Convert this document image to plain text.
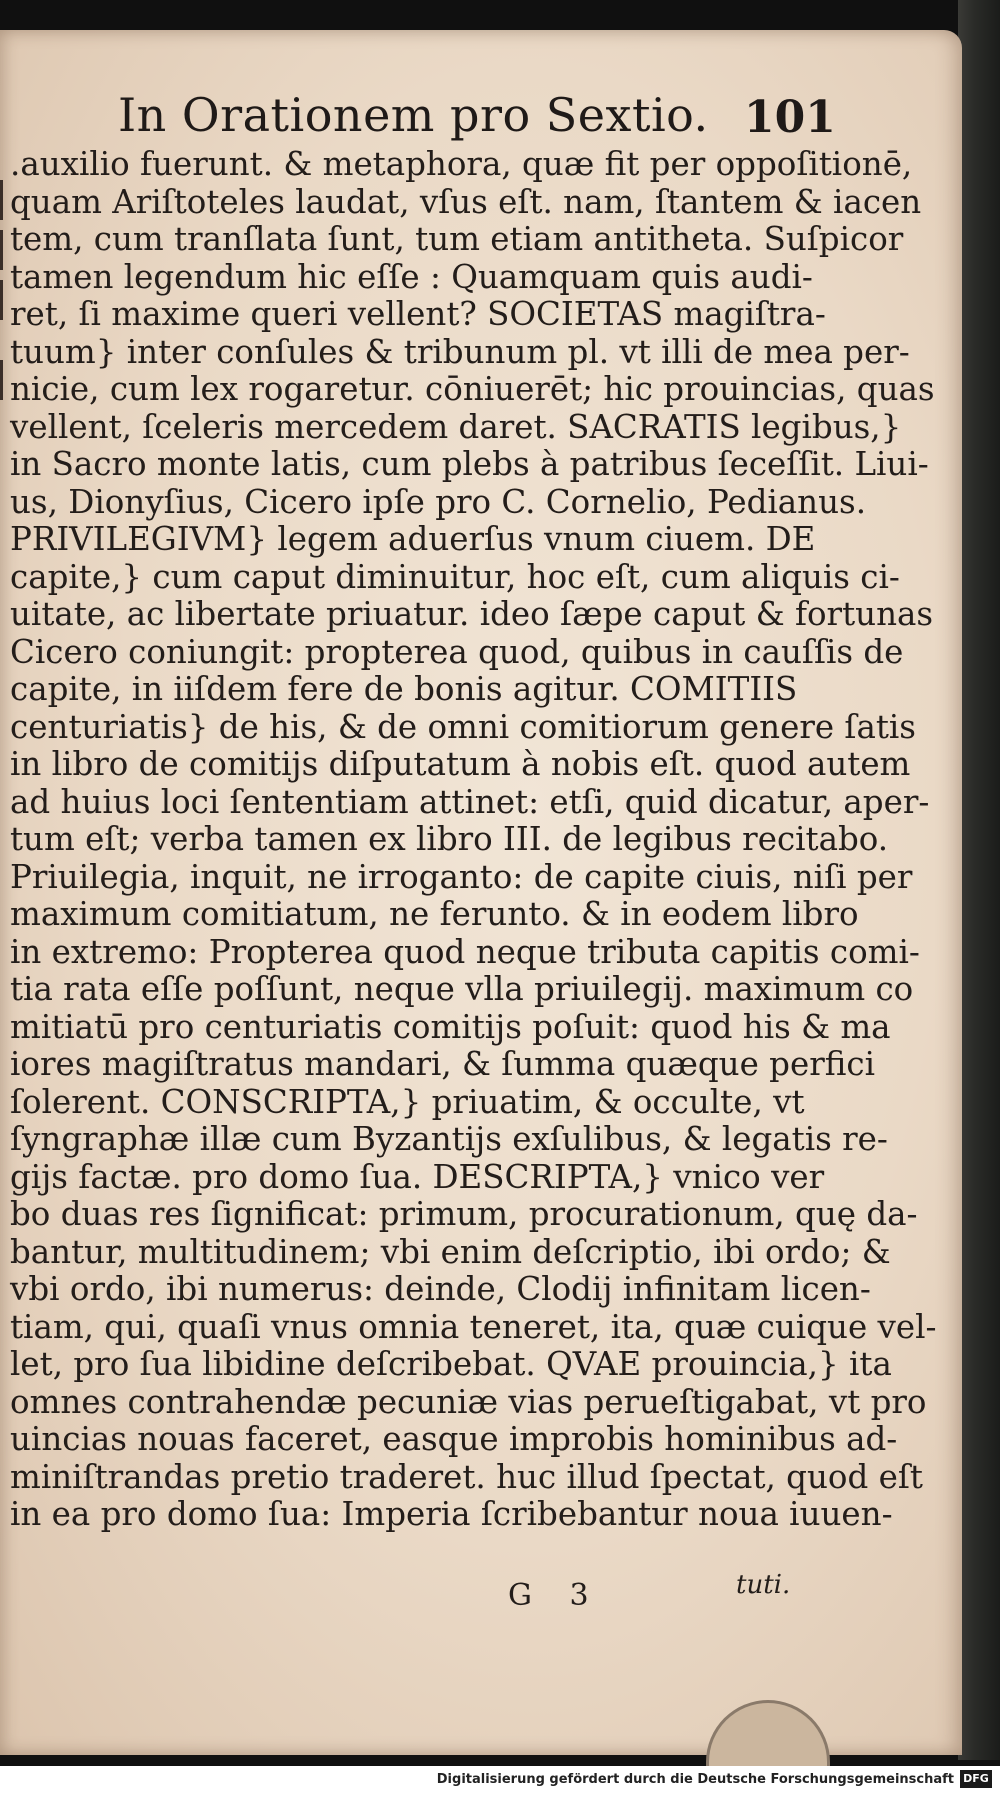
In Orationem pro Sextio. 101
.auxilio fuerunt. & metaphora, quæ fit per oppoſitionē,
quam Ariſtoteles laudat, vſus eſt. nam, ſtantem & iacen
tem, cum tranſlata ſunt, tum etiam antitheta. Suſpicor
tamen legendum hic eſſe : Quamquam quis audi-
ret, ſi maxime queri vellent? SOCIETAS magiſtra-
tuum} inter conſules & tribunum pl. vt illi de mea per-
nicie, cum lex rogaretur. cōniuerēt; hic prouincias, quas
vellent, ſceleris mercedem daret. SACRATIS legibus,}
in Sacro monte latis, cum plebs à patribus ſeceſſit. Liui-
us, Dionyſius, Cicero ipſe pro C. Cornelio, Pedianus.
PRIVILEGIVM} legem aduerſus vnum ciuem. DE
capite,} cum caput diminuitur, hoc eſt, cum aliquis ci-
uitate, ac libertate priuatur. ideo ſæpe caput & fortunas
Cicero coniungit: propterea quod, quibus in cauſſis de
capite, in iiſdem fere de bonis agitur. COMITIIS
centuriatis} de his, & de omni comitiorum genere ſatis
in libro de comitijs diſputatum à nobis eſt. quod autem
ad huius loci ſententiam attinet: etſi, quid dicatur, aper-
tum eſt; verba tamen ex libro III. de legibus recitabo.
Priuilegia, inquit, ne irroganto: de capite ciuis, niſi per
maximum comitiatum, ne ferunto. & in eodem libro
in extremo: Propterea quod neque tributa capitis comi-
tia rata eſſe poſſunt, neque vlla priuilegij. maximum co
mitiatū pro centuriatis comitijs poſuit: quod his & ma
iores magiſtratus mandari, & ſumma quæque perfici
ſolerent. CONSCRIPTA,} priuatim, & occulte, vt
ſyngraphæ illæ cum Byzantijs exſulibus, & legatis re-
gijs factæ. pro domo ſua. DESCRIPTA,} vnico ver
bo duas res ſignificat: primum, procurationum, quę da-
bantur, multitudinem; vbi enim deſcriptio, ibi ordo; &
vbi ordo, ibi numerus: deinde, Clodij infinitam licen-
tiam, qui, quaſi vnus omnia teneret, ita, quæ cuique vel-
let, pro ſua libidine deſcribebat. QVAE prouincia,} ita
omnes contrahendæ pecuniæ vias perueſtigabat, vt pro
uincias nouas faceret, easque improbis hominibus ad-
miniſtrandas pretio traderet. huc illud ſpectat, quod eſt
in ea pro domo ſua: Imperia ſcribebantur noua iuuen-
G 3	tuti.
Digitalisierung gefördert durch die Deutsche Forschungsgemeinschaft DFG
